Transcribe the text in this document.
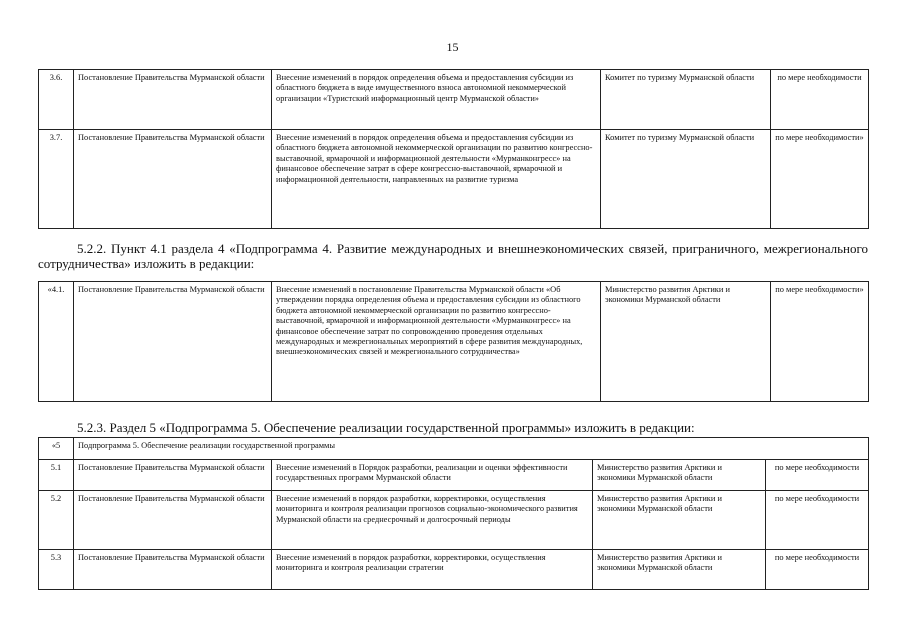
15
3.6.	Постановление Правительства Мурманской области	Внесение изменений в порядок определения объема и предоставления субсидии из областного бюджета в виде имущественного взноса автономной некоммерческой организации «Туристский информационный центр Мурманской области»	Комитет по туризму Мурманской области	по мере необходимости
3.7.	Постановление Правительства Мурманской области	Внесение изменений в порядок определения объема и предоставления субсидии из областного бюджета автономной некоммерческой организации по развитию конгрессно-выставочной, ярмарочной и информационной деятельности «Мурманконгресс» на финансовое обеспечение затрат в сфере конгрессно-выставочной, ярмарочной и информационной деятельности, направленных на развитие туризма	Комитет по туризму Мурманской области	по мере необходимости»

5.2.2. Пункт 4.1 раздела 4 «Подпрограмма 4. Развитие международных и внешнеэкономических связей, приграничного, межрегионального сотрудничества» изложить в редакции:

«4.1.	Постановление Правительства Мурманской области	Внесение изменений в постановление Правительства Мурманской области «Об утверждении порядка определения объема и предоставления субсидии из областного бюджета автономной некоммерческой организации по развитию конгрессно-выставочной, ярмарочной и информационной деятельности «Мурманконгресс» на финансовое обеспечение затрат по сопровождению проведения отдельных международных и межрегиональных мероприятий в сфере развития международных, внешнеэкономических связей и межрегионального сотрудничества»	Министерство развития Арктики и экономики Мурманской области	по мере необходимости»

5.2.3. Раздел 5 «Подпрограмма 5. Обеспечение реализации государственной программы» изложить в редакции:

«5	Подпрограмма 5. Обеспечение реализации государственной программы			
5.1	Постановление Правительства Мурманской области	Внесение изменений в Порядок разработки, реализации и оценки эффективности государственных программ Мурманской области	Министерство развития Арктики и экономики Мурманской области	по мере необходимости
5.2	Постановление Правительства Мурманской области	Внесение изменений в порядок разработки, корректировки, осуществления мониторинга и контроля реализации прогнозов социально-экономического развития Мурманской области на среднесрочный и долгосрочный периоды	Министерство развития Арктики и экономики Мурманской области	по мере необходимости
5.3	Постановление Правительства Мурманской области	Внесение изменений в порядок разработки, корректировки, осуществления мониторинга и контроля реализации стратегии	Министерство развития Арктики и экономики Мурманской области	по мере необходимости
